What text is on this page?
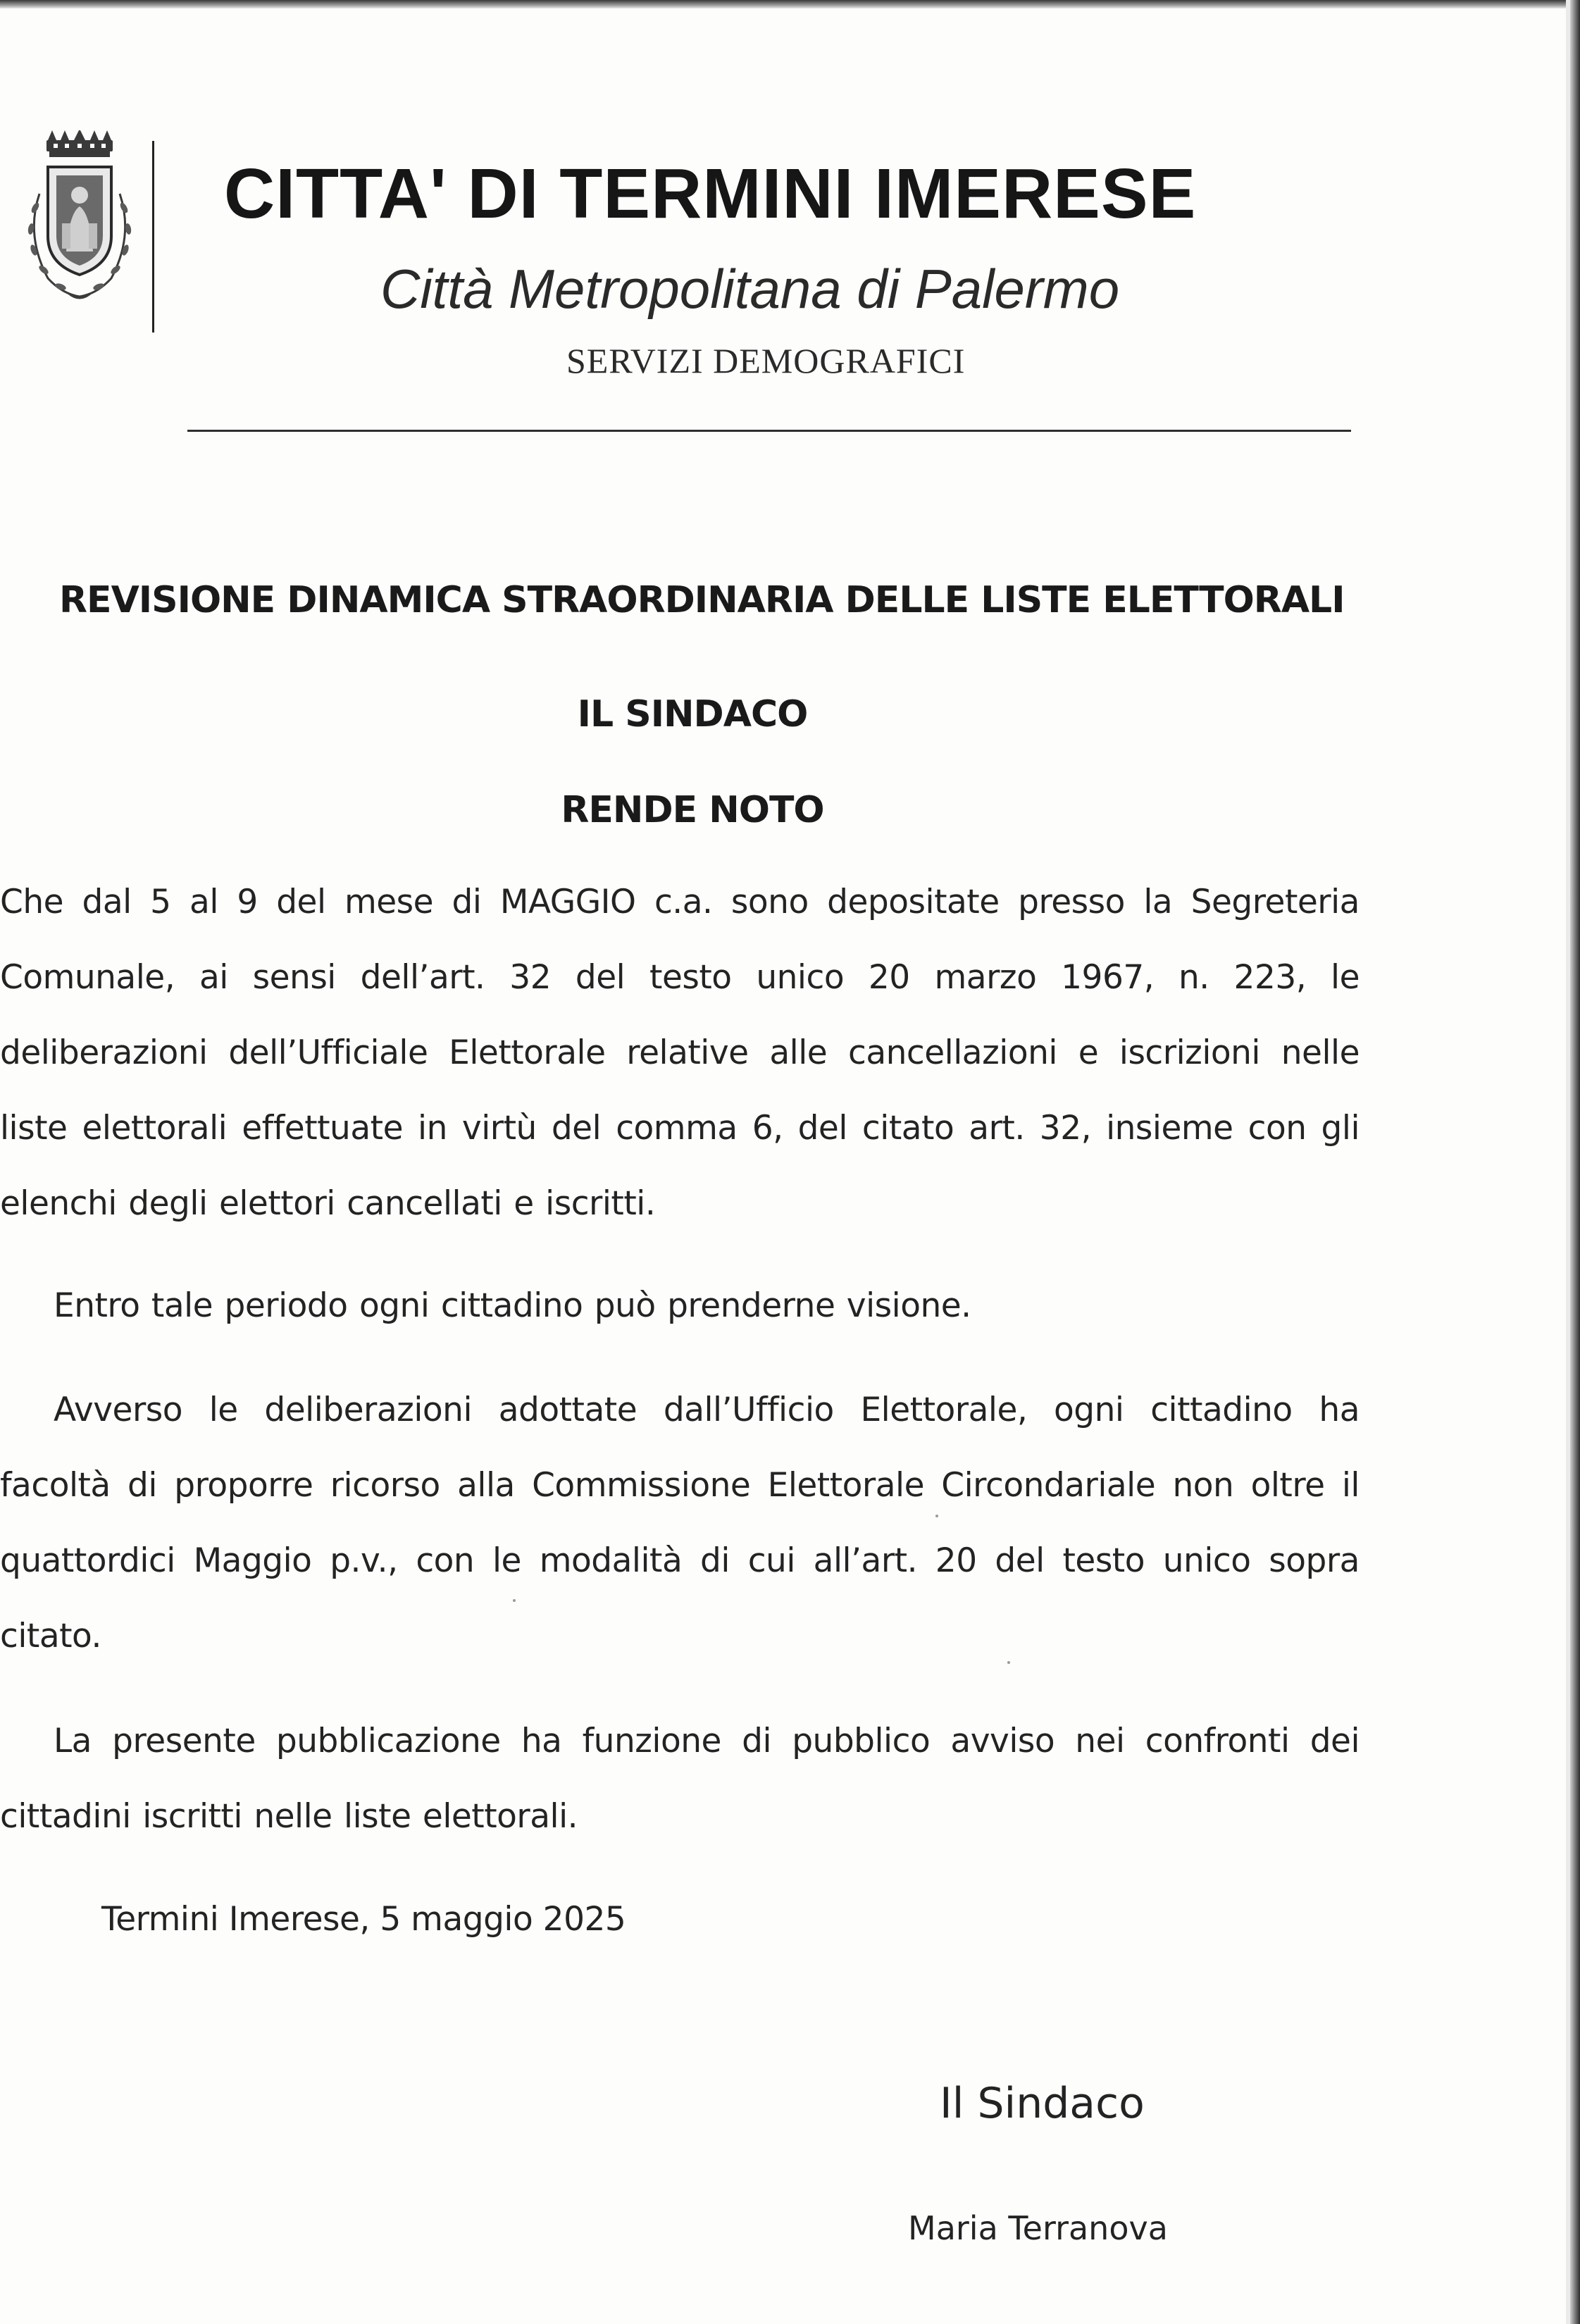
CITTA' DI TERMINI IMERESE
Città Metropolitana di Palermo
SERVIZI DEMOGRAFICI
REVISIONE DINAMICA STRAORDINARIA DELLE LISTE ELETTORALI
IL SINDACO
RENDE NOTO
Che dal 5 al 9 del mese di MAGGIO c.a. sono depositate presso la Segreteria Comunale, ai sensi dell’art. 32 del testo unico 20 marzo 1967, n. 223, le deliberazioni dell’Ufficiale Elettorale relative alle cancellazioni e iscrizioni nelle liste elettorali effettuate in virtù del comma 6, del citato art. 32, insieme con gli elenchi degli elettori cancellati e iscritti.
Entro tale periodo ogni cittadino può prenderne visione.
Avverso le deliberazioni adottate dall’Ufficio Elettorale, ogni cittadino ha facoltà di proporre ricorso alla Commissione Elettorale Circondariale non oltre il quattordici Maggio p.v., con le modalità di cui all’art. 20 del testo unico sopra citato.
La presente pubblicazione ha funzione di pubblico avviso nei confronti dei cittadini iscritti nelle liste elettorali.
Termini Imerese, 5 maggio 2025
Il Sindaco
Maria Terranova
